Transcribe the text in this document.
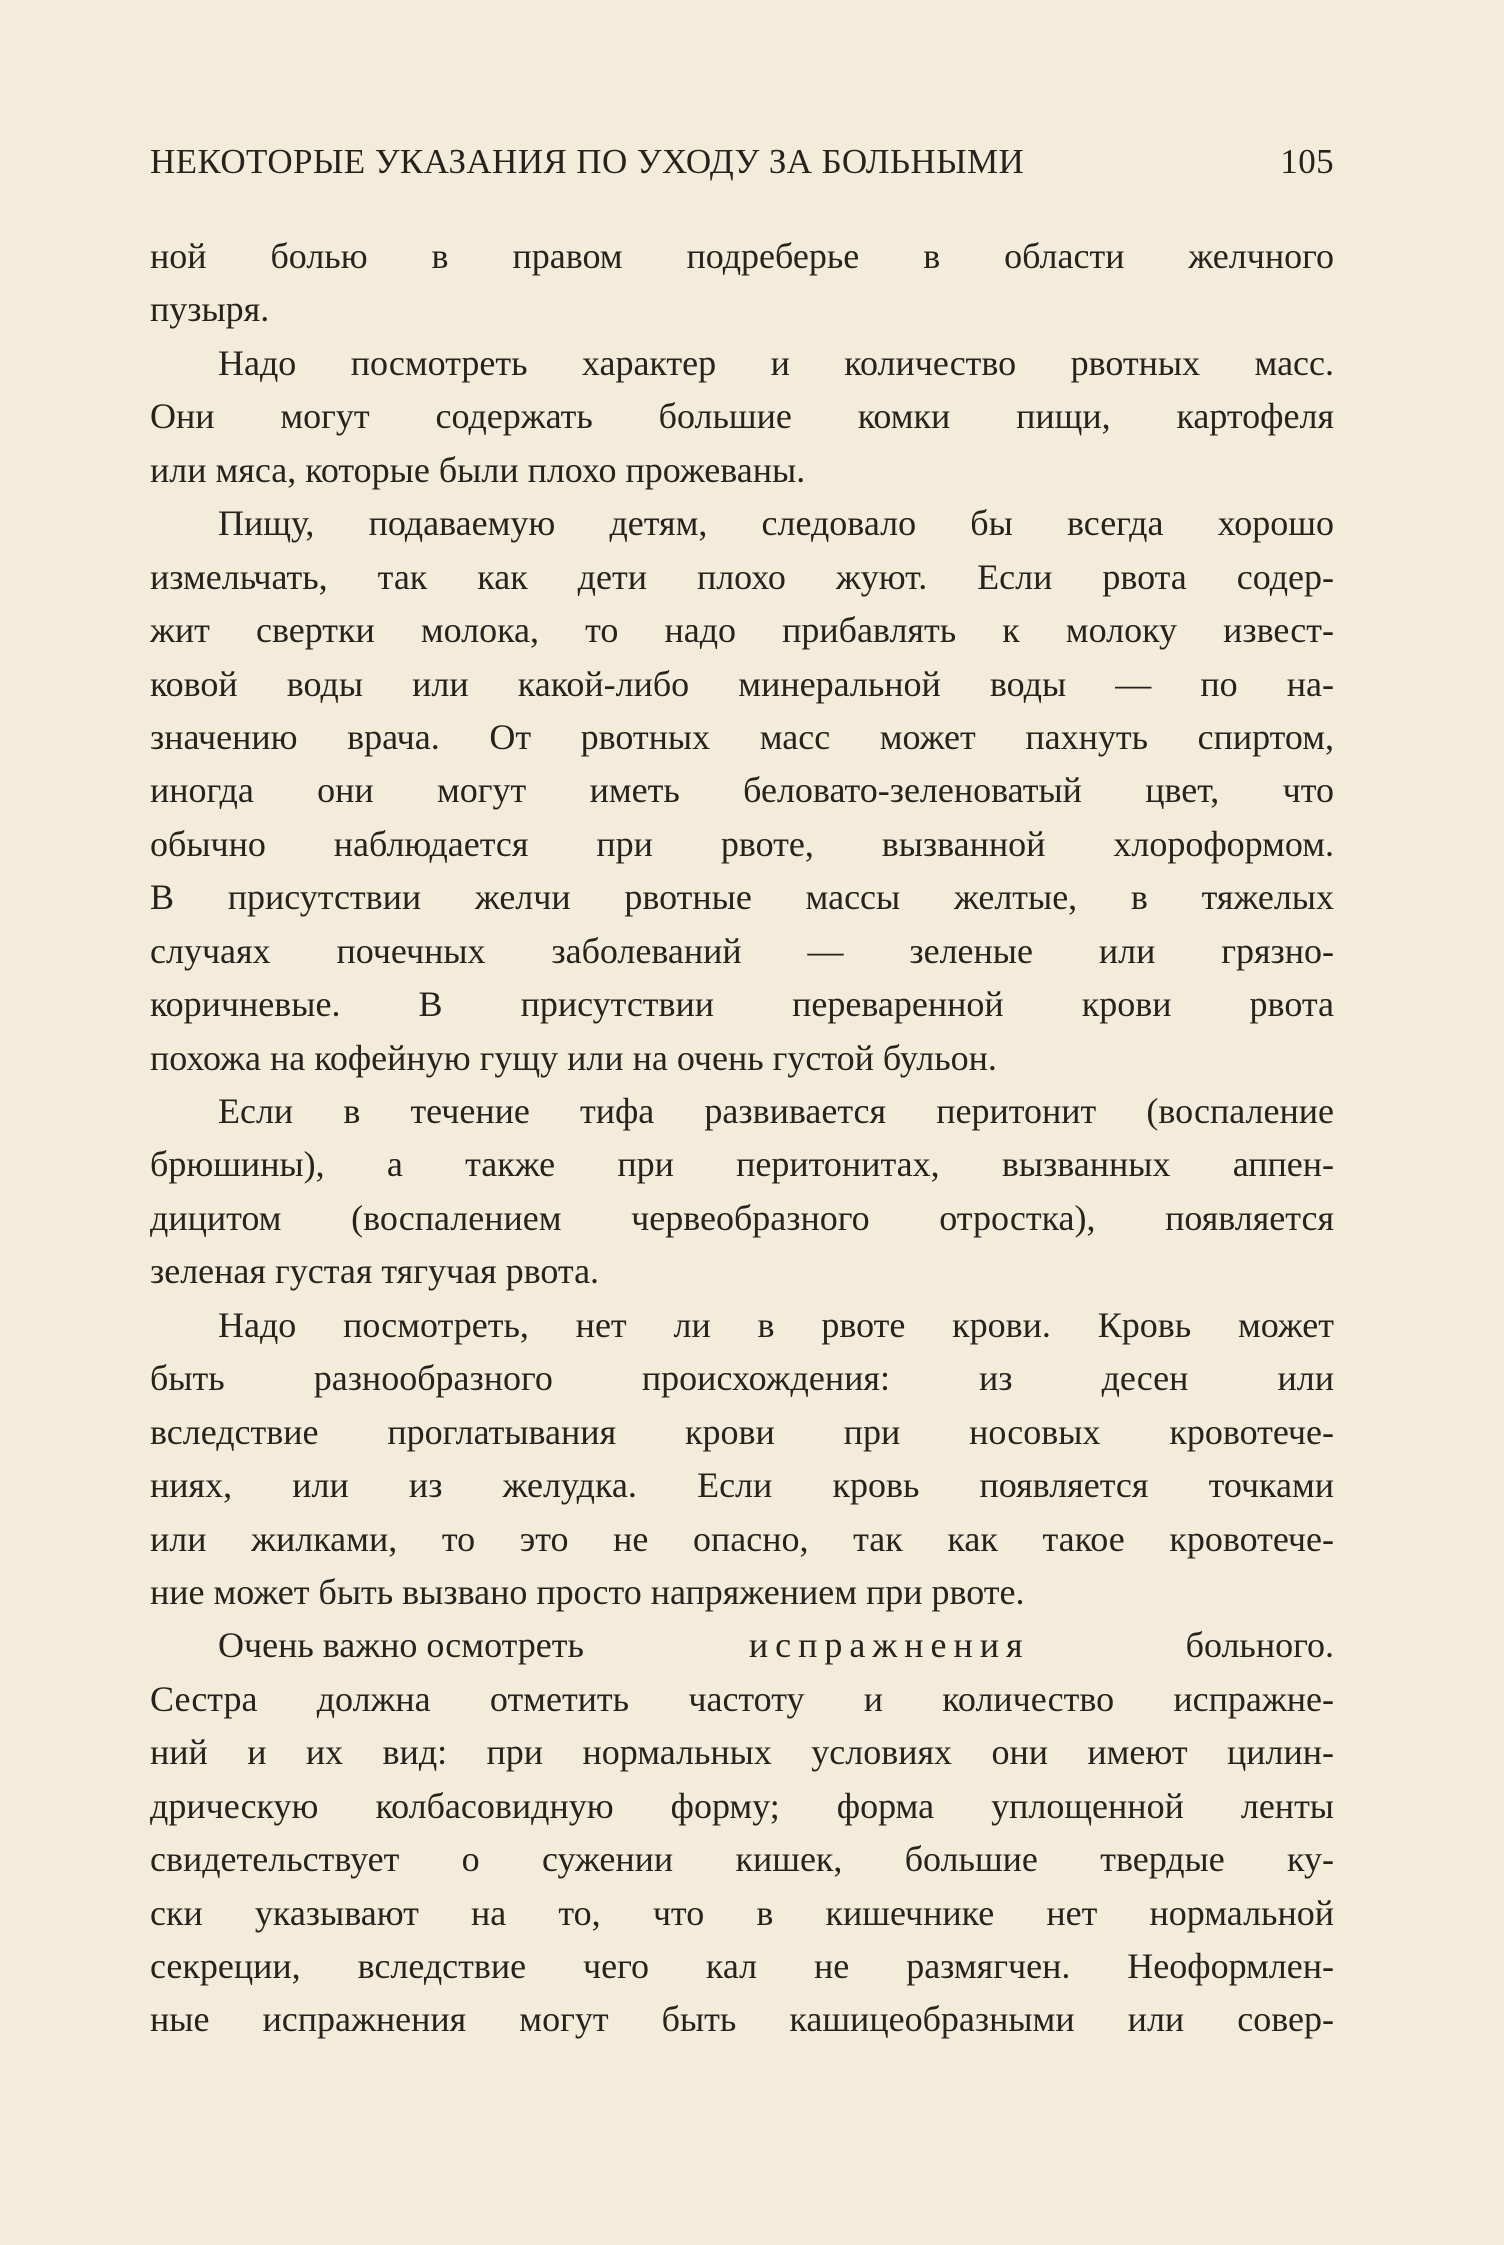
НЕКОТОРЫЕ УКАЗАНИЯ ПО УХОДУ ЗА БОЛЬНЫМИ	105
ной болью в правом подреберье в области желчного
пузыря.
Надо посмотреть характер и количество рвотных масс.
Они могут содержать большие комки пищи, картофеля
или мяса, которые были плохо прожеваны.
Пищу, подаваемую детям, следовало бы всегда хорошо
измельчать, так как дети плохо жуют. Если рвота содер-
жит свертки молока, то надо прибавлять к молоку извест-
ковой воды или какой-либо минеральной воды — по на-
значению врача. От рвотных масс может пахнуть спиртом,
иногда они могут иметь беловато-зеленоватый цвет, что
обычно наблюдается при рвоте, вызванной хлороформом.
В присутствии желчи рвотные массы желтые, в тяжелых
случаях почечных заболеваний — зеленые или грязно-
коричневые. В присутствии переваренной крови рвота
похожа на кофейную гущу или на очень густой бульон.
Если в течение тифа развивается перитонит (воспаление
брюшины), а также при перитонитах, вызванных аппен-
дицитом (воспалением червеобразного отростка), появляется
зеленая густая тягучая рвота.
Надо посмотреть, нет ли в рвоте крови. Кровь может
быть разнообразного происхождения: из десен или
вследствие проглатывания крови при носовых кровотече-
ниях, или из желудка. Если кровь появляется точками
или жилками, то это не опасно, так как такое кровотече-
ние может быть вызвано просто напряжением при рвоте.
Очень важно осмотреть	испражнения	больного.
Сестра должна отметить частоту и количество испражне-
ний и их вид: при нормальных условиях они имеют цилин-
дрическую колбасовидную форму; форма уплощенной ленты
свидетельствует о сужении кишек, большие твердые ку-
ски указывают на то, что в кишечнике нет нормальной
секреции, вследствие чего кал не размягчен. Неоформлен-
ные испражнения могут быть кашицеобразными или совер-
